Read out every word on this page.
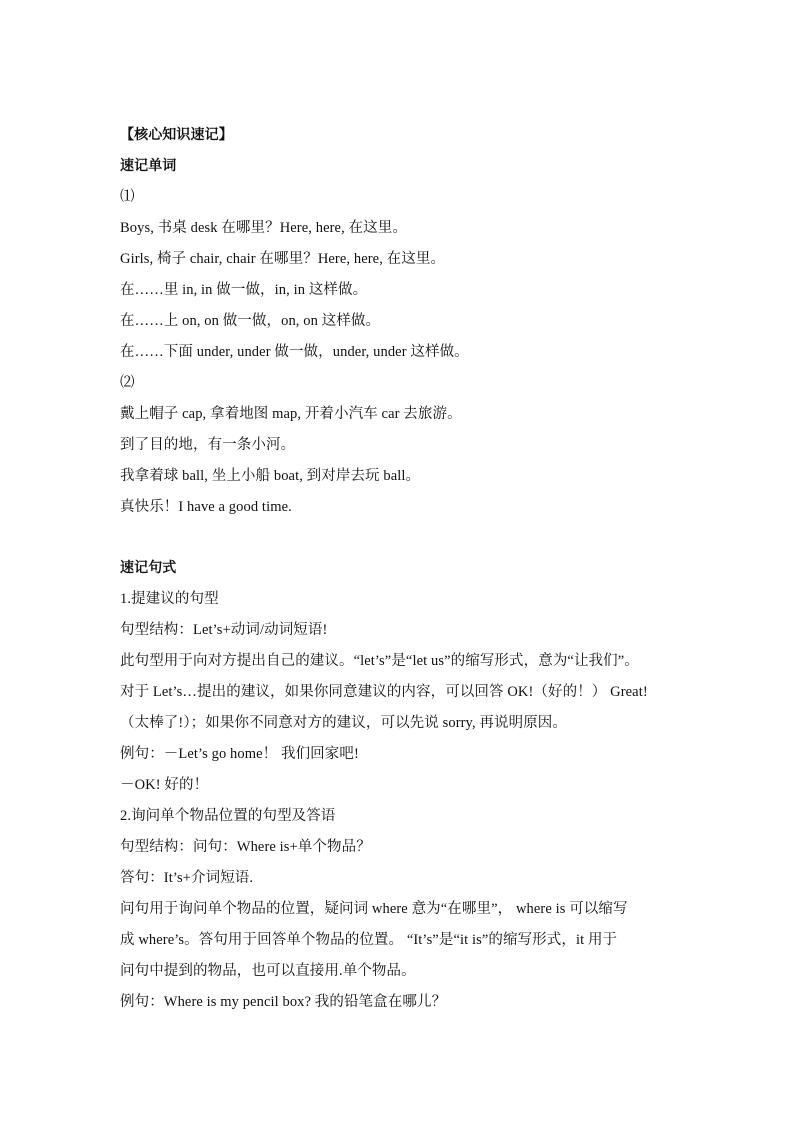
【核心知识速记】
速记单词
⑴
Boys, 书桌 desk 在哪里？Here, here, 在这里。
Girls, 椅子 chair, chair 在哪里？Here, here, 在这里。
在……里 in, in 做一做，in, in 这样做。
在……上 on, on 做一做，on, on 这样做。
在……下面 under, under 做一做，under, under 这样做。
⑵
戴上帽子 cap, 拿着地图 map, 开着小汽车 car 去旅游。
到了目的地，有一条小河。
我拿着球 ball, 坐上小船 boat, 到对岸去玩 ball。
真快乐！I have a good time.
速记句式
1.提建议的句型
句型结构：Let’s+动词/动词短语!
此句型用于向对方提出自己的建议。“let’s”是“let us”的缩写形式，意为“让我们”。
对于 Let’s…提出的建议，如果你同意建议的内容，可以回答 OK!（好的！） Great!
（太棒了!）；如果你不同意对方的建议，可以先说 sorry, 再说明原因。
例句：－Let’s go home！ 我们回家吧!
－OK! 好的！
2.询问单个物品位置的句型及答语
句型结构：问句：Where is+单个物品？
答句：It’s+介词短语.
问句用于询问单个物品的位置，疑问词 where 意为“在哪里”， where is 可以缩写
成 where’s。答句用于回答单个物品的位置。 “It’s”是“it is”的缩写形式，it 用于
问句中提到的物品，也可以直接用.单个物品。
例句：Where is my pencil box? 我的铅笔盒在哪儿？
